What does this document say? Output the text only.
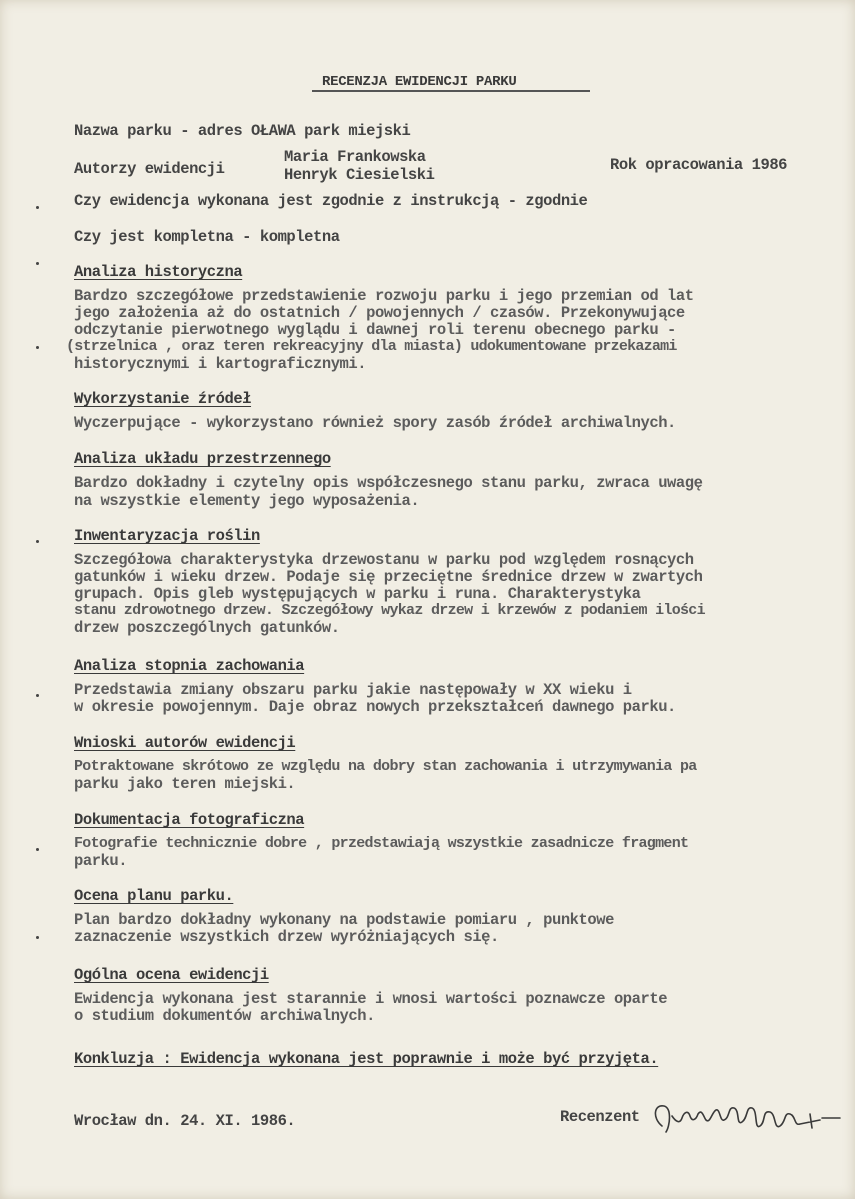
RECENZJA EWIDENCJI PARKU
Nazwa parku - adres OŁAWA park miejski
Autorzy ewidencji
Maria Frankowska
Henryk Ciesielski
Rok opracowania 1986
Czy ewidencja wykonana jest zgodnie z instrukcją - zgodnie
Czy jest kompletna - kompletna
Analiza historyczna
Bardzo szczegółowe przedstawienie rozwoju parku i jego przemian od lat
jego założenia aż do ostatnich / powojennych / czasów. Przekonywujące
odczytanie pierwotnego wyglądu i dawnej roli terenu obecnego parku -
(strzelnica , oraz teren rekreacyjny dla miasta) udokumentowane przekazami
historycznymi i kartograficznymi.
Wykorzystanie źródeł
Wyczerpujące - wykorzystano również spory zasób źródeł archiwalnych.
Analiza układu przestrzennego
Bardzo dokładny i czytelny opis współczesnego stanu parku, zwraca uwagę
na wszystkie elementy jego wyposażenia.
Inwentaryzacja roślin
Szczegółowa charakterystyka drzewostanu w parku pod względem rosnących
gatunków i wieku drzew. Podaje się przeciętne średnice drzew w zwartych
grupach. Opis gleb występujących w parku i runa. Charakterystyka
stanu zdrowotnego drzew. Szczegółowy wykaz drzew i krzewów z podaniem ilości
drzew poszczególnych gatunków.
Analiza stopnia zachowania
Przedstawia zmiany obszaru parku jakie następowały w XX wieku i
w okresie powojennym. Daje obraz nowych przekształceń dawnego parku.
Wnioski autorów ewidencji
Potraktowane skrótowo ze względu na dobry stan zachowania i utrzymywania pa
parku jako teren miejski.
Dokumentacja fotograficzna
Fotografie technicznie dobre , przedstawiają wszystkie zasadnicze fragment
parku.
Ocena planu parku.
Plan bardzo dokładny wykonany na podstawie pomiaru , punktowe
zaznaczenie wszystkich drzew wyróżniających się.
Ogólna ocena ewidencji
Ewidencja wykonana jest starannie i wnosi wartości poznawcze oparte
o studium dokumentów archiwalnych.
Konkluzja : Ewidencja wykonana jest poprawnie i może być przyjęta.
Wrocław dn. 24. XI. 1986.	Recenzent
